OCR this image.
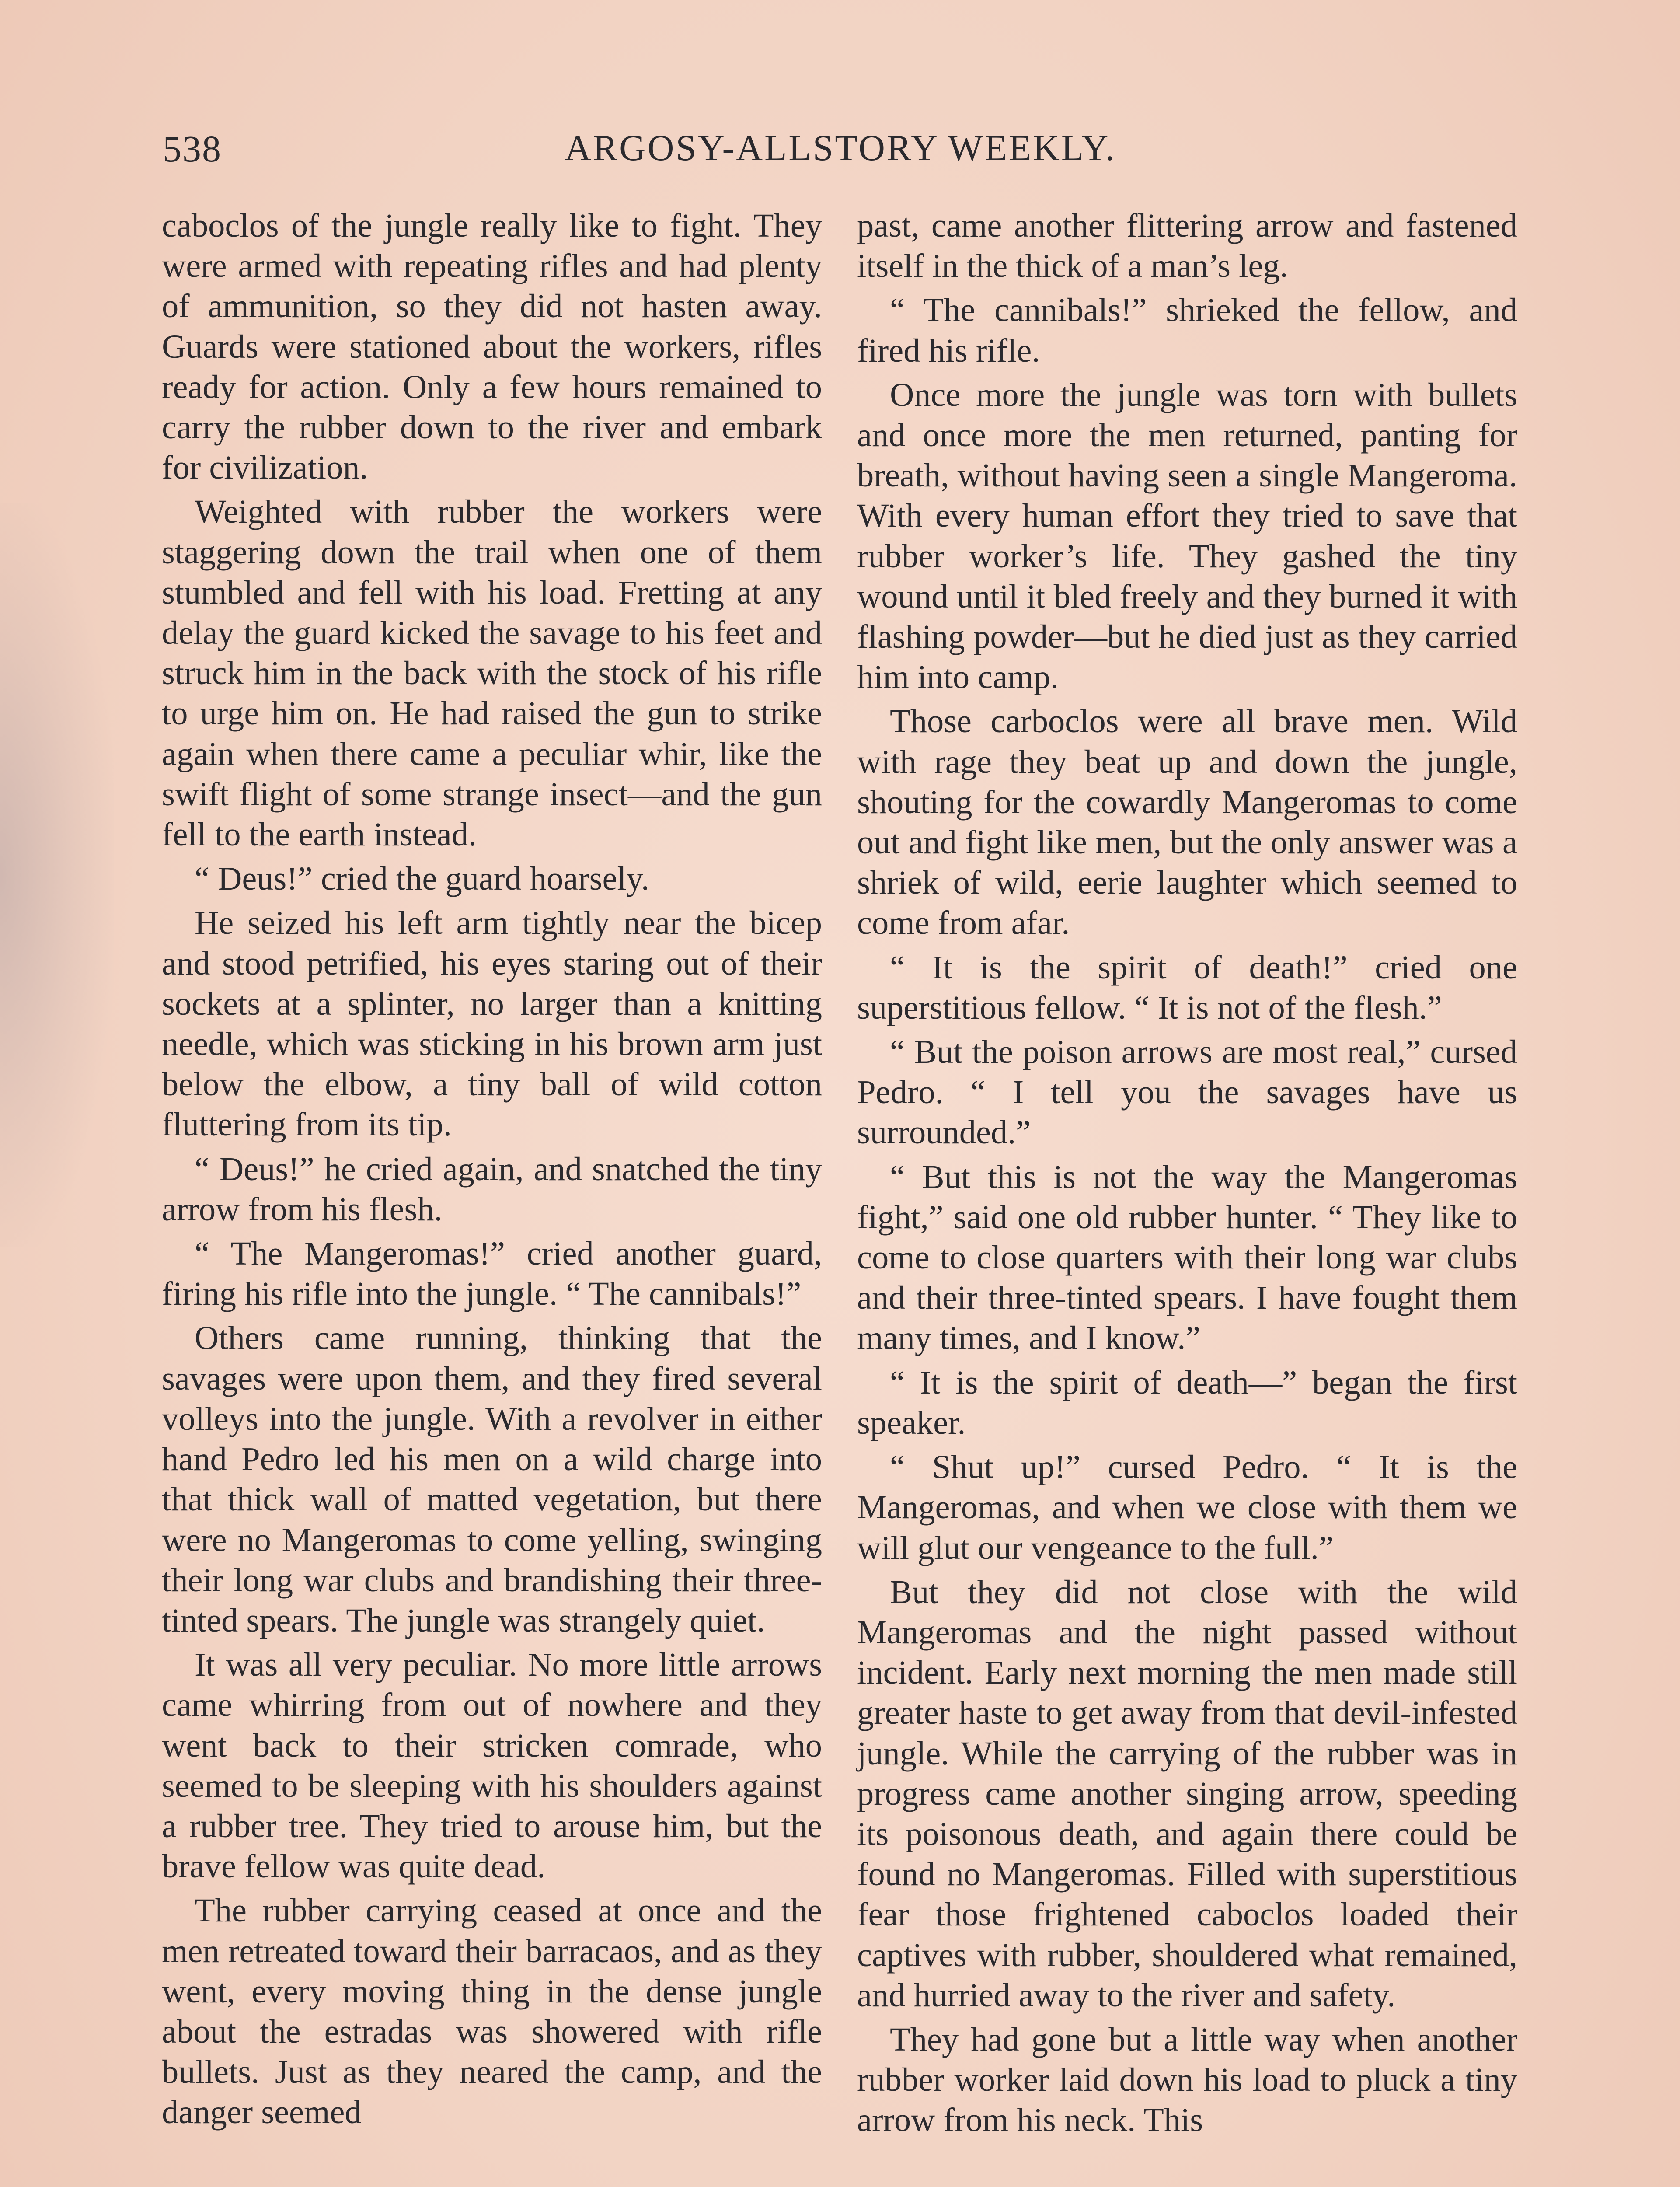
538	ARGOSY-ALLSTORY WEEKLY.

caboclos of the jungle really like to fight. They were armed with repeating rifles and had plenty of ammunition, so they did not hasten away. Guards were stationed about the workers, rifles ready for action. Only a few hours remained to carry the rubber down to the river and embark for civilization.

Weighted with rubber the workers were staggering down the trail when one of them stumbled and fell with his load. Fretting at any delay the guard kicked the savage to his feet and struck him in the back with the stock of his rifle to urge him on. He had raised the gun to strike again when there came a peculiar whir, like the swift flight of some strange insect—and the gun fell to the earth instead.

“ Deus!” cried the guard hoarsely.

He seized his left arm tightly near the bicep and stood petrified, his eyes staring out of their sockets at a splinter, no larger than a knitting needle, which was sticking in his brown arm just below the elbow, a tiny ball of wild cotton fluttering from its tip.

“ Deus!” he cried again, and snatched the tiny arrow from his flesh.

“ The Mangeromas!” cried another guard, firing his rifle into the jungle. “ The cannibals!”

Others came running, thinking that the savages were upon them, and they fired several volleys into the jungle. With a revolver in either hand Pedro led his men on a wild charge into that thick wall of matted vegetation, but there were no Mangeromas to come yelling, swinging their long war clubs and brandishing their three-tinted spears. The jungle was strangely quiet.

It was all very peculiar. No more little arrows came whirring from out of nowhere and they went back to their stricken comrade, who seemed to be sleeping with his shoulders against a rubber tree. They tried to arouse him, but the brave fellow was quite dead.

The rubber carrying ceased at once and the men retreated toward their barracaos, and as they went, every moving thing in the dense jungle about the estradas was showered with rifle bullets. Just as they neared the camp, and the danger seemed

past, came another flittering arrow and fastened itself in the thick of a man’s leg.

“ The cannibals!” shrieked the fellow, and fired his rifle.

Once more the jungle was torn with bullets and once more the men returned, panting for breath, without having seen a single Mangeroma. With every human effort they tried to save that rubber worker’s life. They gashed the tiny wound until it bled freely and they burned it with flashing powder—but he died just as they carried him into camp.

Those carboclos were all brave men. Wild with rage they beat up and down the jungle, shouting for the cowardly Mangeromas to come out and fight like men, but the only answer was a shriek of wild, eerie laughter which seemed to come from afar.

“ It is the spirit of death!” cried one superstitious fellow. “ It is not of the flesh.”

“ But the poison arrows are most real,” cursed Pedro. “ I tell you the savages have us surrounded.”

“ But this is not the way the Mangeromas fight,” said one old rubber hunter. “ They like to come to close quarters with their long war clubs and their three-tinted spears. I have fought them many times, and I know.”

“ It is the spirit of death—” began the first speaker.

“ Shut up!” cursed Pedro. “ It is the Mangeromas, and when we close with them we will glut our vengeance to the full.”

But they did not close with the wild Mangeromas and the night passed without incident. Early next morning the men made still greater haste to get away from that devil-infested jungle. While the carrying of the rubber was in progress came another singing arrow, speeding its poisonous death, and again there could be found no Mangeromas. Filled with superstitious fear those frightened caboclos loaded their captives with rubber, shouldered what remained, and hurried away to the river and safety.

They had gone but a little way when another rubber worker laid down his load to pluck a tiny arrow from his neck. This
